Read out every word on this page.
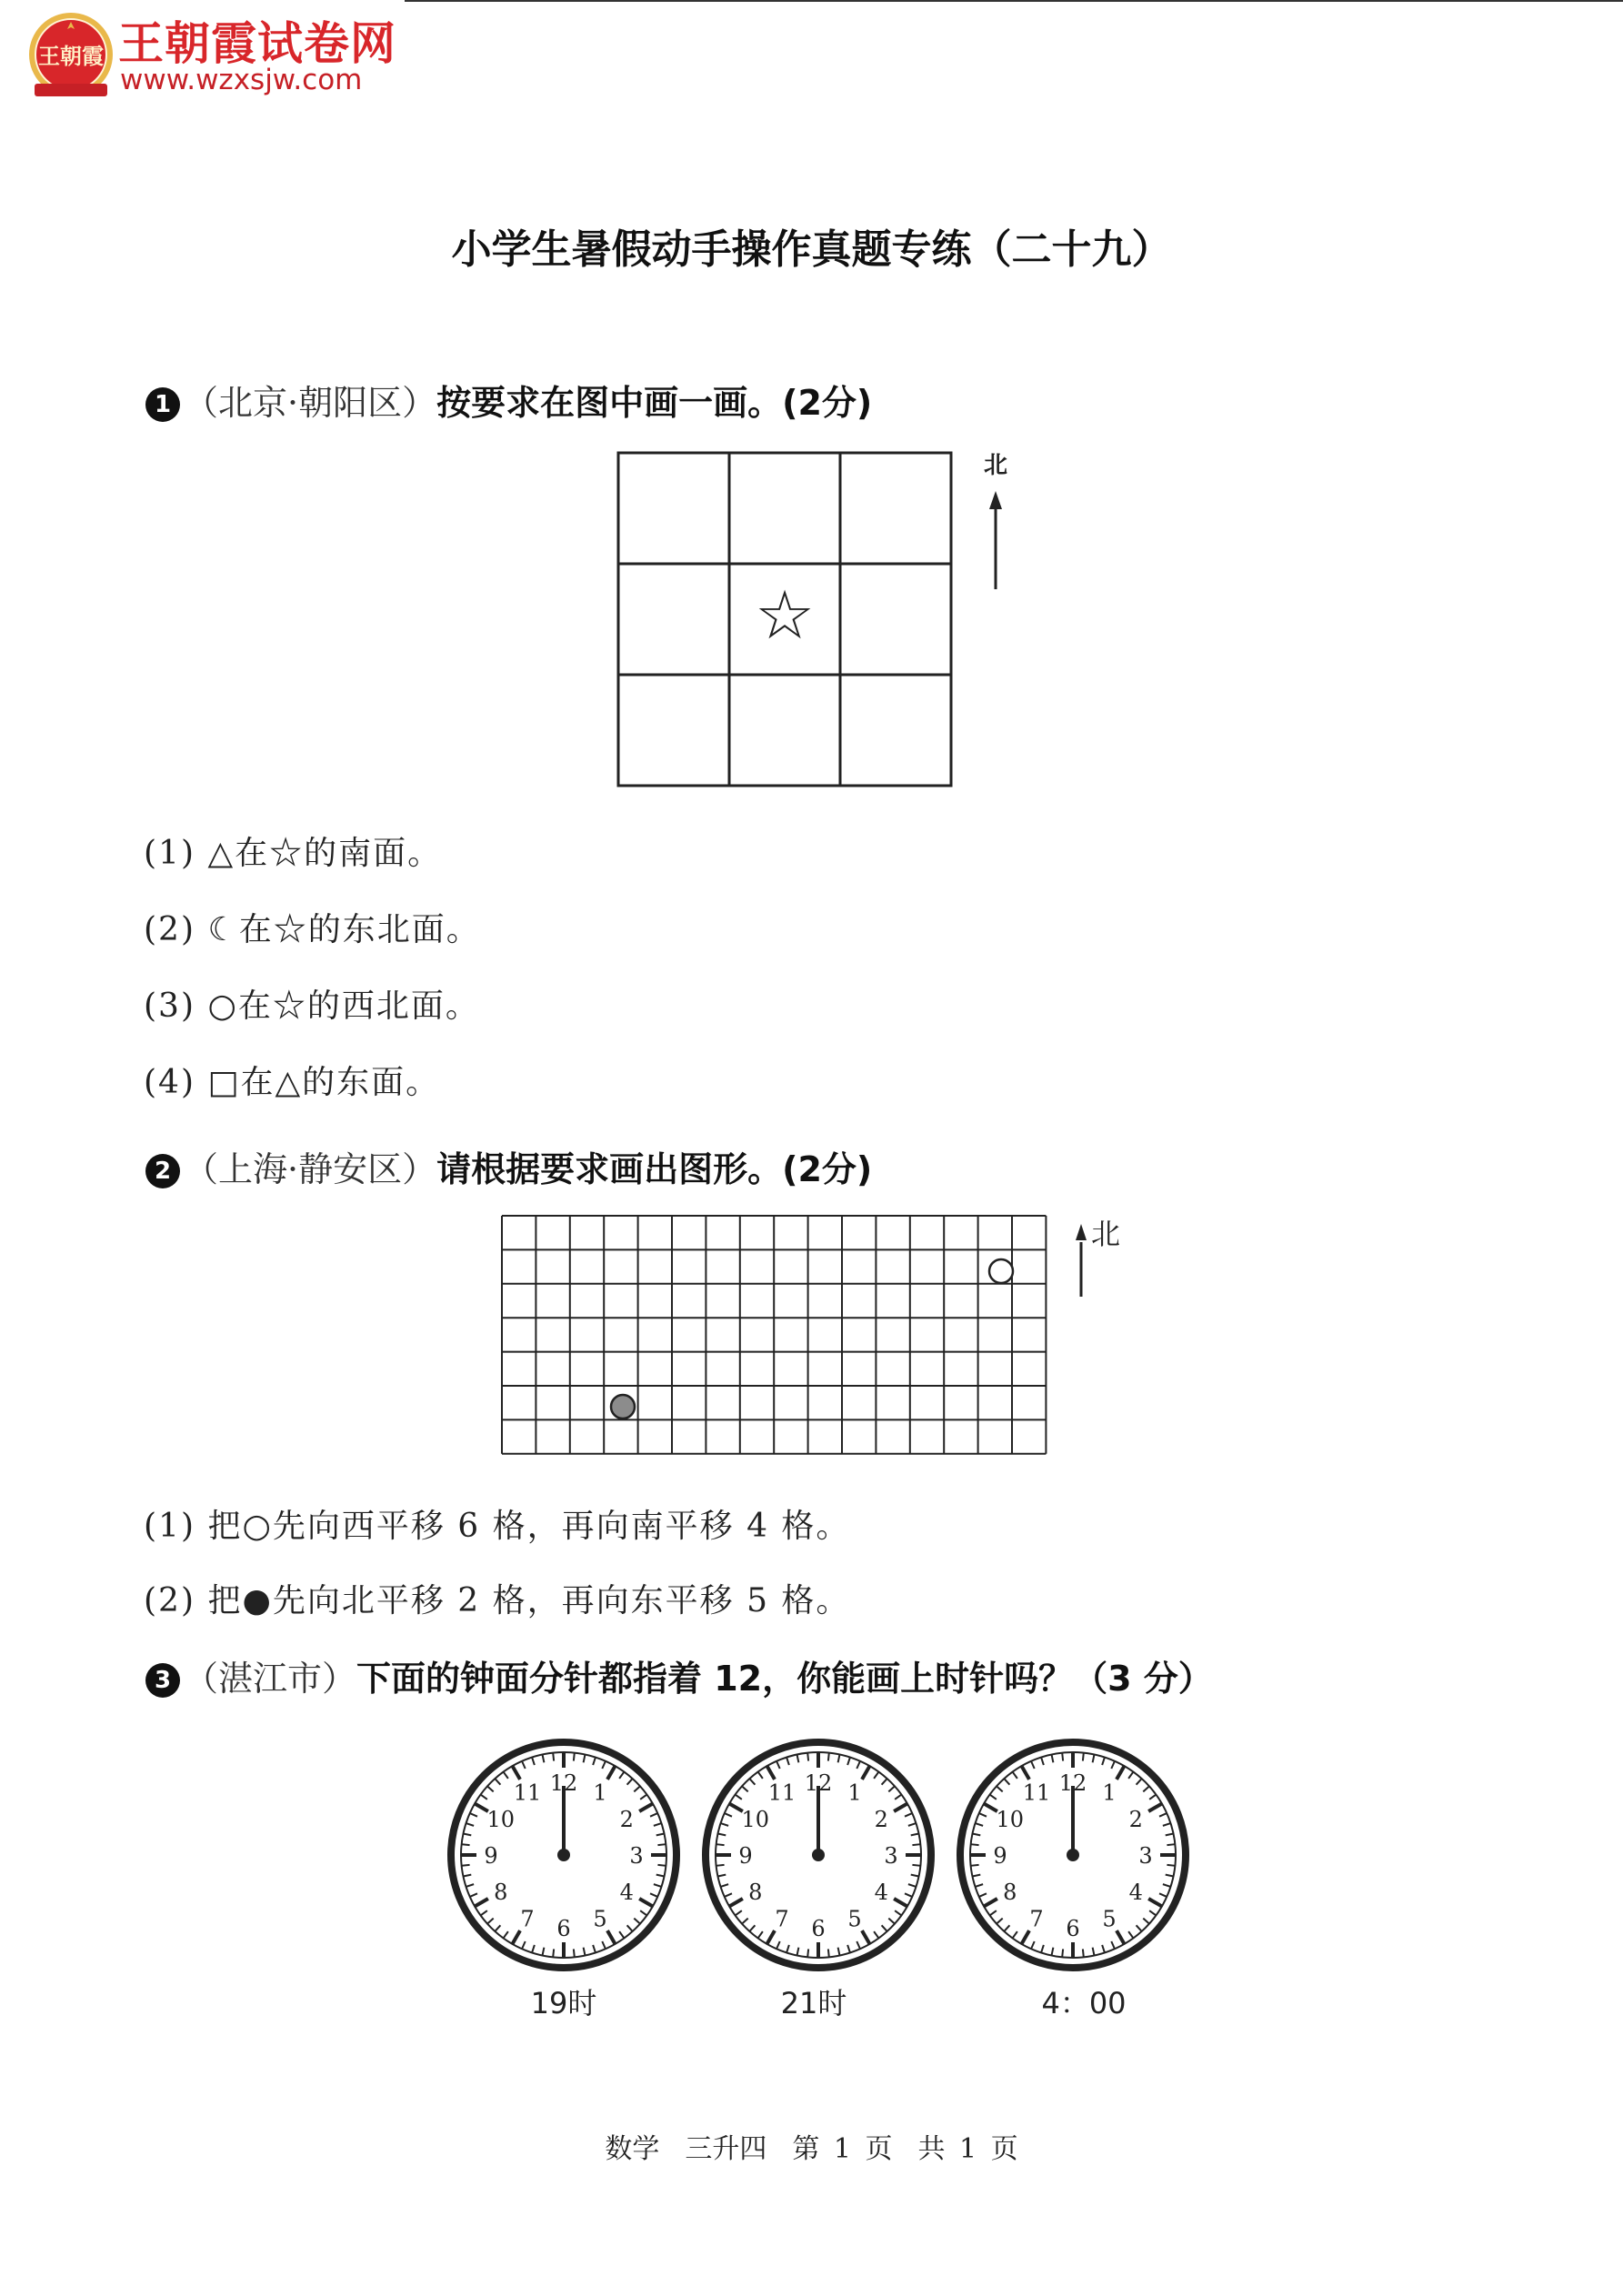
王朝霞 王朝霞试卷网
www.wzxsjw.com
小学生暑假动手操作真题专练（二十九）
1 （北京·朝阳区）按要求在图中画一画。(2分)
☆
北
(1) △在☆的南面。
(2) ☾在☆的东北面。
(3) ○在☆的西北面。
(4) □在△的东面。
2 （上海·静安区）请根据要求画出图形。(2分)
北
(1) 把○先向西平移 6 格，再向南平移 4 格。
(2) 把●先向北平移 2 格，再向东平移 5 格。
3 （湛江市）下面的钟面分针都指着 12，你能画上时针吗？（3 分）
12 1
2
3
4
5
6
7
8
9
10
11	12 1
2
3
4
5
6
7
8
9
10
11	12 1
2
3
4
5
6
7
8
9
10
11
19时	21时	4：00
数学 三升四 第 1 页 共 1 页
